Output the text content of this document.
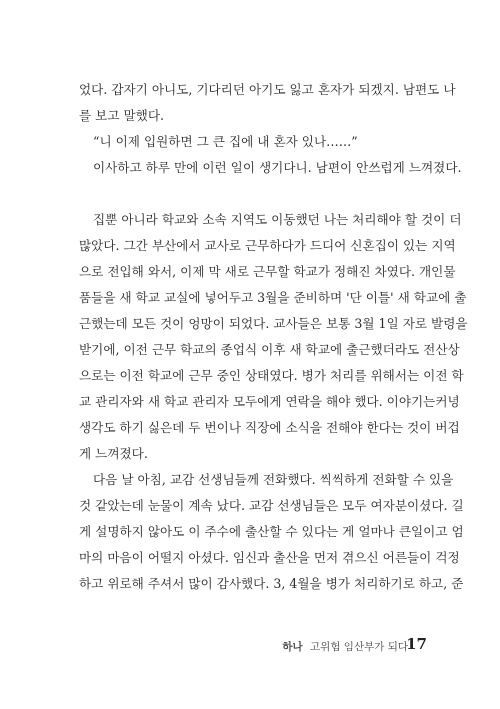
었다. 갑자기 아니도, 기다리던 아기도 잃고 혼자가 되겠지. 남편도 나
를 보고 말했다.
“니 이제 입원하면 그 큰 집에 내 혼자 있나……”
이사하고 하루 만에 이런 일이 생기다니. 남편이 안쓰럽게 느껴졌다.
집뿐 아니라 학교와 소속 지역도 이동했던 나는 처리해야 할 것이 더
많았다. 그간 부산에서 교사로 근무하다가 드디어 신혼집이 있는 지역
으로 전입해 와서, 이제 막 새로 근무할 학교가 정해진 차였다. 개인물
품들을 새 학교 교실에 넣어두고 3월을 준비하며 '단 이틀' 새 학교에 출
근했는데 모든 것이 엉망이 되었다. 교사들은 보통 3월 1일 자로 발령을
받기에, 이전 근무 학교의 종업식 이후 새 학교에 출근했더라도 전산상
으로는 이전 학교에 근무 중인 상태였다. 병가 처리를 위해서는 이전 학
교 관리자와 새 학교 관리자 모두에게 연락을 해야 했다. 이야기는커녕
생각도 하기 싫은데 두 번이나 직장에 소식을 전해야 한다는 것이 버겁
게 느껴졌다.
다음 날 아침, 교감 선생님들께 전화했다. 씩씩하게 전화할 수 있을
것 같았는데 눈물이 계속 났다. 교감 선생님들은 모두 여자분이셨다. 길
게 설명하지 않아도 이 주수에 출산할 수 있다는 게 얼마나 큰일이고 엄
마의 마음이 어떨지 아셨다. 임신과 출산을 먼저 겪으신 어른들이 걱정
하고 위로해 주셔서 많이 감사했다. 3, 4월을 병가 처리하기로 하고, 준
하나 고위험 임산부가 되다
17
